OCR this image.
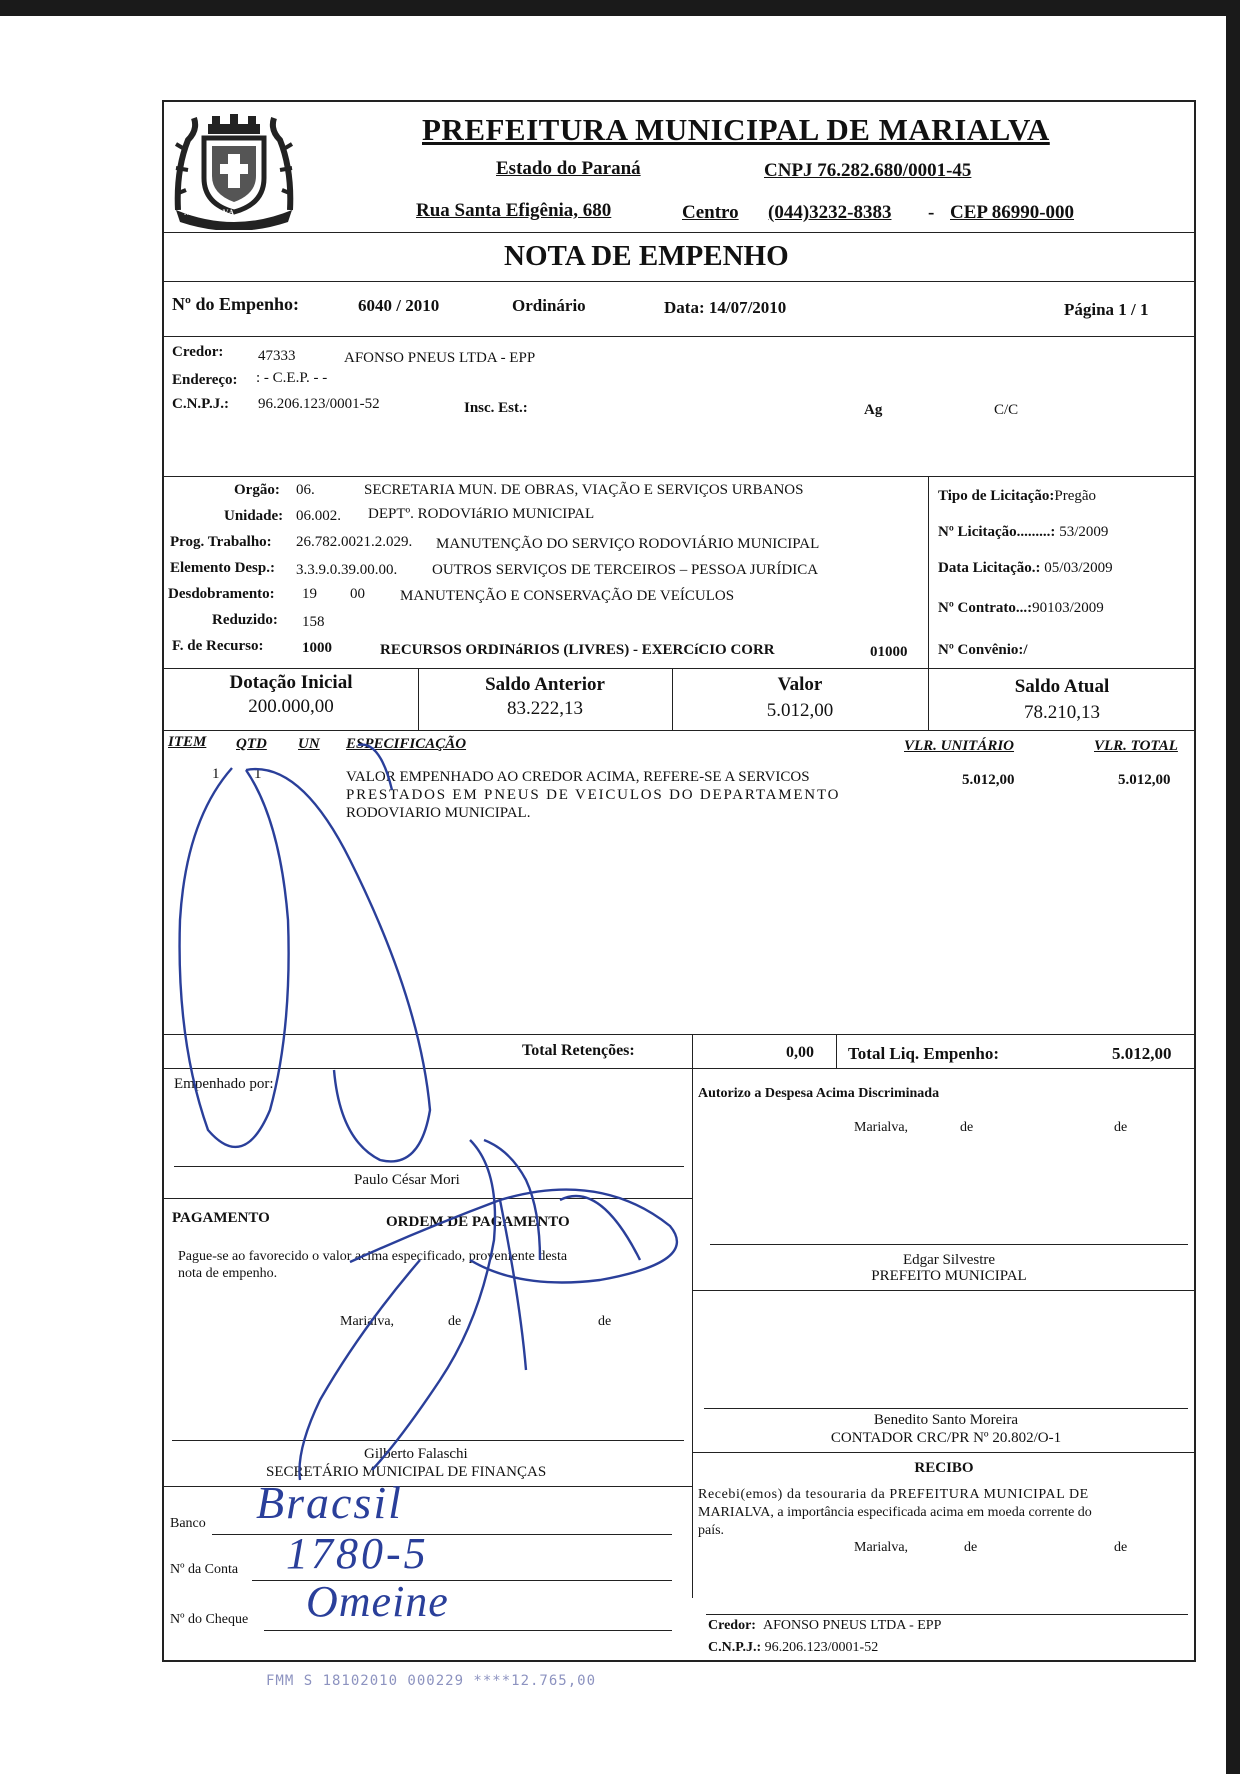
MARIALVA
PREFEITURA MUNICIPAL DE MARIALVA
Estado do Paraná	CNPJ 76.282.680/0001-45
Rua Santa Efigênia, 680	Centro (044)3232-8383 - CEP 86990-000
NOTA DE EMPENHO
Nº do Empenho:	6040 / 2010	Ordinário	Data: 14/07/2010	Página 1 / 1
Credor: 47333	AFONSO PNEUS LTDA - EPP
Endereço: : - C.E.P. - -
C.N.P.J.: 96.206.123/0001-52	Insc. Est.:	Ag	C/C
Orgão: 06.	SECRETARIA MUN. DE OBRAS, VIAÇÃO E SERVIÇOS URBANOS
Unidade: 06.002. DEPTº. RODOVIáRIO MUNICIPAL
Prog. Trabalho: 26.782.0021.2.029. MANUTENÇÃO DO SERVIÇO RODOVIÁRIO MUNICIPAL
Elemento Desp.: 3.3.9.0.39.00.00. OUTROS SERVIÇOS DE TERCEIROS – PESSOA JURÍDICA
Desdobramento: 19 00 MANUTENÇÃO E CONSERVAÇÃO DE VEÍCULOS
Reduzido: 158
F. de Recurso:	1000	RECURSOS ORDINáRIOS (LIVRES) - EXERCíCIO CORR	01000
Tipo de Licitação:Pregão
Nº Licitação.........: 53/2009
Data Licitação.: 05/03/2009
Nº Contrato...:90103/2009
Nº Convênio:/
Dotação Inicial
200.000,00
Saldo Anterior
83.222,13
Valor
5.012,00
Saldo Atual
78.210,13
ITEM QTD UN ESPECIFICAÇÃO	VLR. UNITÁRIO	VLR. TOTAL
1 1	VALOR EMPENHADO AO CREDOR ACIMA, REFERE-SE A SERVICOS
PRESTADOS EM PNEUS DE VEICULOS DO DEPARTAMENTO
RODOVIARIO MUNICIPAL.
5.012,00	5.012,00
Total Retenções:	0,00 Total Liq. Empenho:	5.012,00
Empenhado por:
Paulo César Mori
PAGAMENTO	ORDEM DE PAGAMENTO
Pague-se ao favorecido o valor acima especificado, proveniente desta
nota de empenho.
Marialva,	de	de
Gilberto Falaschi
SECRETÁRIO MUNICIPAL DE FINANÇAS
Banco
Nº da Conta
Nº do Cheque
Bracsil
1780-5
Omeine
Autorizo a Despesa Acima Discriminada
Marialva,	de	de
Edgar Silvestre
PREFEITO MUNICIPAL
Benedito Santo Moreira
CONTADOR CRC/PR Nº 20.802/O-1
RECIBO
Recebi(emos) da tesouraria da PREFEITURA MUNICIPAL DE
MARIALVA, a importância especificada acima em moeda corrente do
país.
Marialva,	de	de
Credor: AFONSO PNEUS LTDA - EPP
C.N.P.J.: 96.206.123/0001-52
FMM S 18102010 000229 ****12.765,00
